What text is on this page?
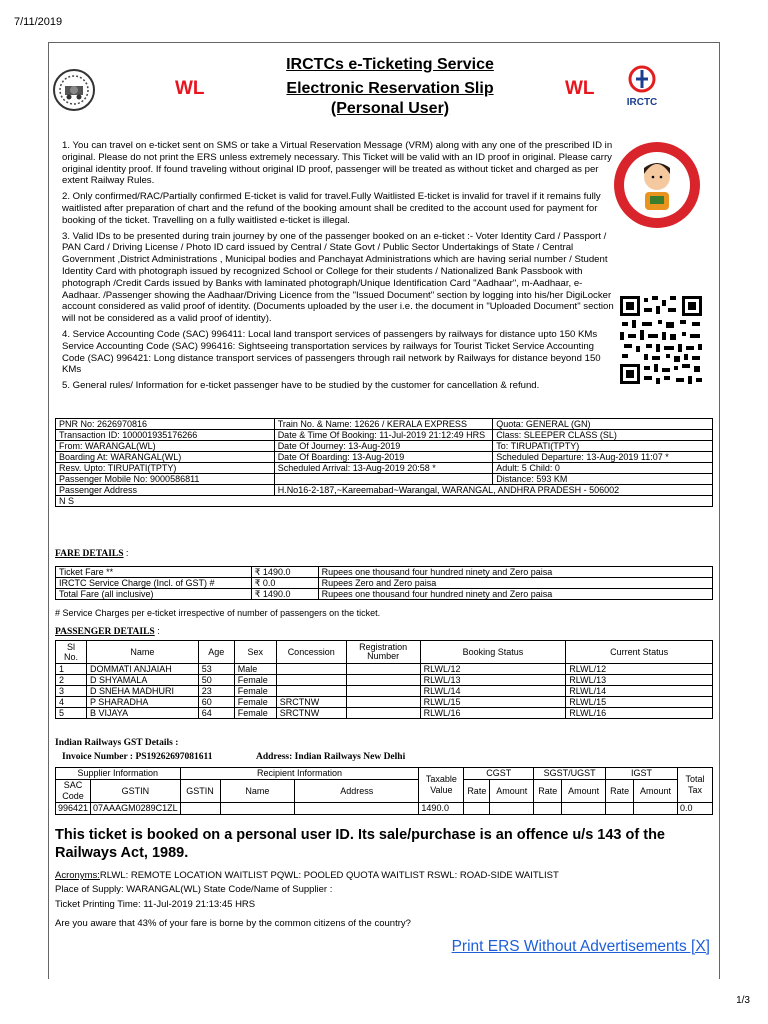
7/11/2019
WL
IRCTCs e-Ticketing Service
Electronic Reservation Slip
(Personal User)
WL
IRCTC

1. You can travel on e-ticket sent on SMS or take a Virtual Reservation Message (VRM) along with any one of the prescribed ID in original. Please do not print the ERS unless extremely necessary. This Ticket will be valid with an ID proof in original. Please carry original identity proof. If found traveling without original ID proof, passenger will be treated as without ticket and charged as per extent Railway Rules.

2. Only confirmed/RAC/Partially confirmed E-ticket is valid for travel.Fully Waitlisted E-ticket is invalid for travel if it remains fully waitlisted after preparation of chart and the refund of the booking amount shall be credited to the account used for payment for booking of the ticket. Travelling on a fully waitlisted e-ticket is illegal.

3. Valid IDs to be presented during train journey by one of the passenger booked on an e-ticket :- Voter Identity Card / Passport / PAN Card / Driving License / Photo ID card issued by Central / State Govt / Public Sector Undertakings of State / Central Government ,District Administrations , Municipal bodies and Panchayat Administrations which are having serial number / Student Identity Card with photograph issued by recognized School or College for their students / Nationalized Bank Passbook with photograph /Credit Cards issued by Banks with laminated photograph/Unique Identification Card "Aadhaar", m-Aadhaar, e-Aadhaar. /Passenger showing the Aadhaar/Driving Licence from the "Issued Document" section by logging into his/her DigiLocker account considered as valid proof of identity. (Documents uploaded by the user i.e. the document in "Uploaded Document" section will not be considered as a valid proof of identity).

4. Service Accounting Code (SAC) 996411: Local land transport services of passengers by railways for distance upto 150 KMs Service Accounting Code (SAC) 996416: Sightseeing transportation services by railways for Tourist Ticket Service Accounting Code (SAC) 996421: Long distance transport services of passengers through rail network by Railways for distance beyond 150 KMs

5. General rules/ Information for e-ticket passenger have to be studied by the customer for cancellation & refund.

PNR No: 2626970816	Train No. & Name: 12626 / KERALA EXPRESS	Quota: GENERAL (GN)
Transaction ID: 100001935176266	Date & Time Of Booking: 11-Jul-2019 21:12:49 HRS	Class: SLEEPER CLASS (SL)
From: WARANGAL(WL)	Date Of Journey: 13-Aug-2019	To: TIRUPATI(TPTY)
Boarding At: WARANGAL(WL)	Date Of Boarding: 13-Aug-2019	Scheduled Departure: 13-Aug-2019 11:07 *
Resv. Upto: TIRUPATI(TPTY)	Scheduled Arrival: 13-Aug-2019 20:58 *	Adult: 5 Child: 0
Passenger Mobile No: 9000586811		Distance: 593 KM
Passenger Address	H.No16-2-187,~Kareemabad~Warangal, WARANGAL, ANDHRA PRADESH - 506002	
N S		
FARE DETAILS :
Ticket Fare **	₹ 1490.0	Rupees one thousand four hundred ninety and Zero paisa
IRCTC Service Charge (Incl. of GST) #	₹ 0.0	Rupees Zero and Zero paisa
Total Fare (all inclusive)	₹ 1490.0	Rupees one thousand four hundred ninety and Zero paisa
# Service Charges per e-ticket irrespective of number of passengers on the ticket.
PASSENGER DETAILS :
Sl No.	Name	Age	Sex	Concession	Registration Number	Booking Status	Current Status
1	DOMMATI ANJAIAH	53	Male			RLWL/12	RLWL/12
2	D SHYAMALA	50	Female			RLWL/13	RLWL/13
3	D SNEHA MADHURI	23	Female			RLWL/14	RLWL/14
4	P SHARADHA	60	Female	SRCTNW		RLWL/15	RLWL/15
5	B VIJAYA	64	Female	SRCTNW		RLWL/16	RLWL/16
Indian Railways GST Details :
Invoice Number : PS19262697081611	Address: Indian Railways New Delhi
Supplier Information		Recipient Information			Taxable Value	CGST		SGST/UGST		IGST		Total Tax
SAC Code	GSTIN	GSTIN	Name	Address		Rate	Amount	Rate	Amount	Rate	Amount	
996421	07AAAGM0289C1ZL				1490.0							0.0
This ticket is booked on a personal user ID. Its sale/purchase is an offence u/s 143 of the Railways Act, 1989.
Acronyms:RLWL: REMOTE LOCATION WAITLIST PQWL: POOLED QUOTA WAITLIST RSWL: ROAD-SIDE WAITLIST
Place of Supply: WARANGAL(WL) State Code/Name of Supplier :
Ticket Printing Time: 11-Jul-2019 21:13:45 HRS
Are you aware that 43% of your fare is borne by the common citizens of the country?
Print ERS Without Advertisements [X]
1/3
